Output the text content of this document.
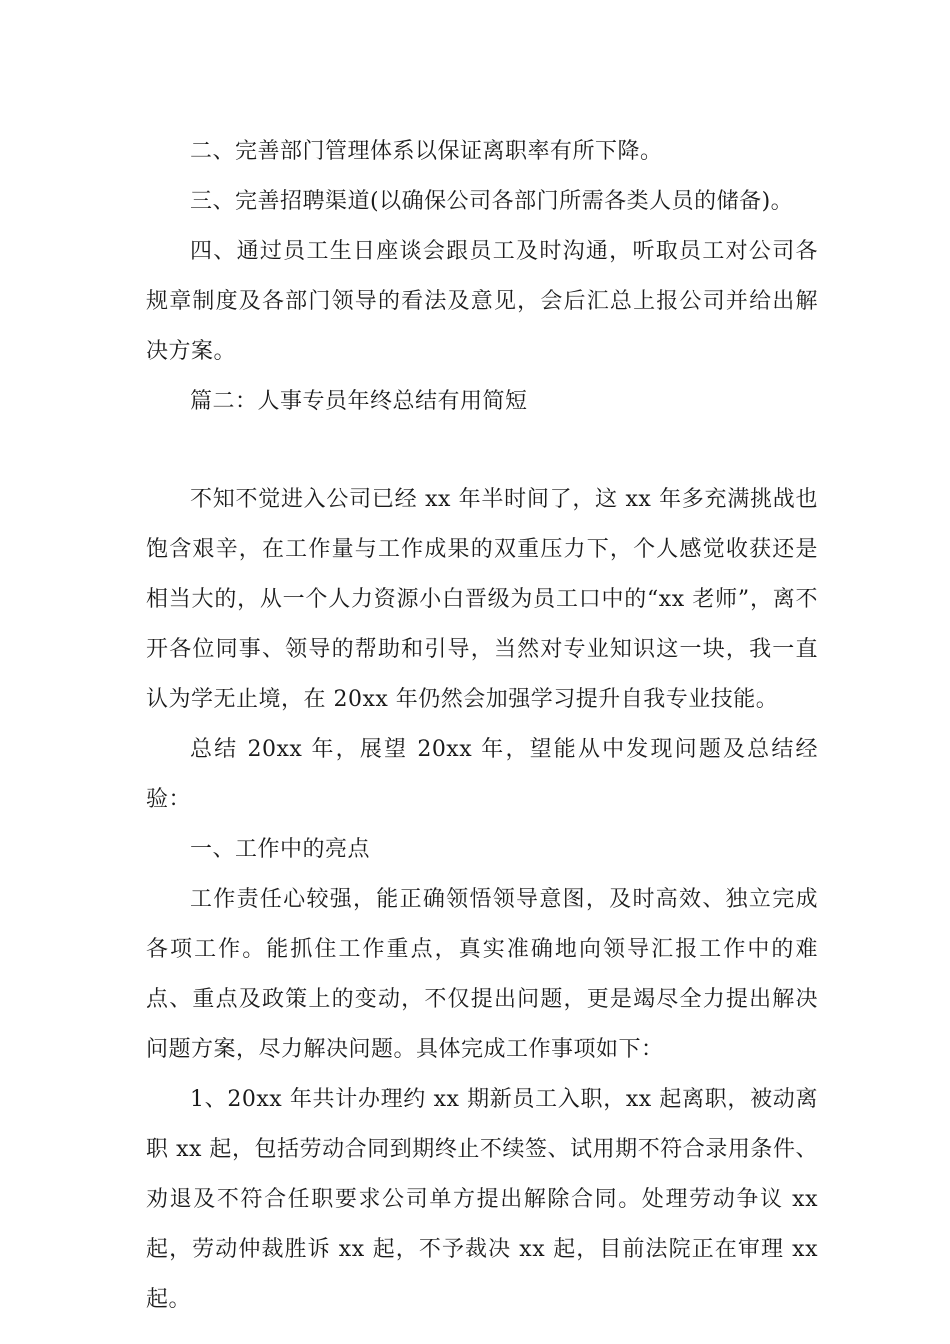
二、完善部门管理体系以保证离职率有所下降。

三、完善招聘渠道(以确保公司各部门所需各类人员的储备)。

四、通过员工生日座谈会跟员工及时沟通，听取员工对公司各规章制度及各部门领导的看法及意见，会后汇总上报公司并给出解决方案。

篇二：人事专员年终总结有用简短

不知不觉进入公司已经 xx 年半时间了，这 xx 年多充满挑战也饱含艰辛，在工作量与工作成果的双重压力下，个人感觉收获还是相当大的，从一个人力资源小白晋级为员工口中的“xx 老师”，离不开各位同事、领导的帮助和引导，当然对专业知识这一块，我一直认为学无止境，在 20xx 年仍然会加强学习提升自我专业技能。

总结 20xx 年，展望 20xx 年，望能从中发现问题及总结经验：

一、工作中的亮点

工作责任心较强，能正确领悟领导意图，及时高效、独立完成各项工作。能抓住工作重点，真实准确地向领导汇报工作中的难点、重点及政策上的变动，不仅提出问题，更是竭尽全力提出解决问题方案，尽力解决问题。具体完成工作事项如下：

1、20xx 年共计办理约 xx 期新员工入职，xx 起离职，被动离职 xx 起，包括劳动合同到期终止不续签、试用期不符合录用条件、劝退及不符合任职要求公司单方提出解除合同。处理劳动争议 xx 起，劳动仲裁胜诉 xx 起，不予裁决 xx 起，目前法院正在审理 xx 起。
